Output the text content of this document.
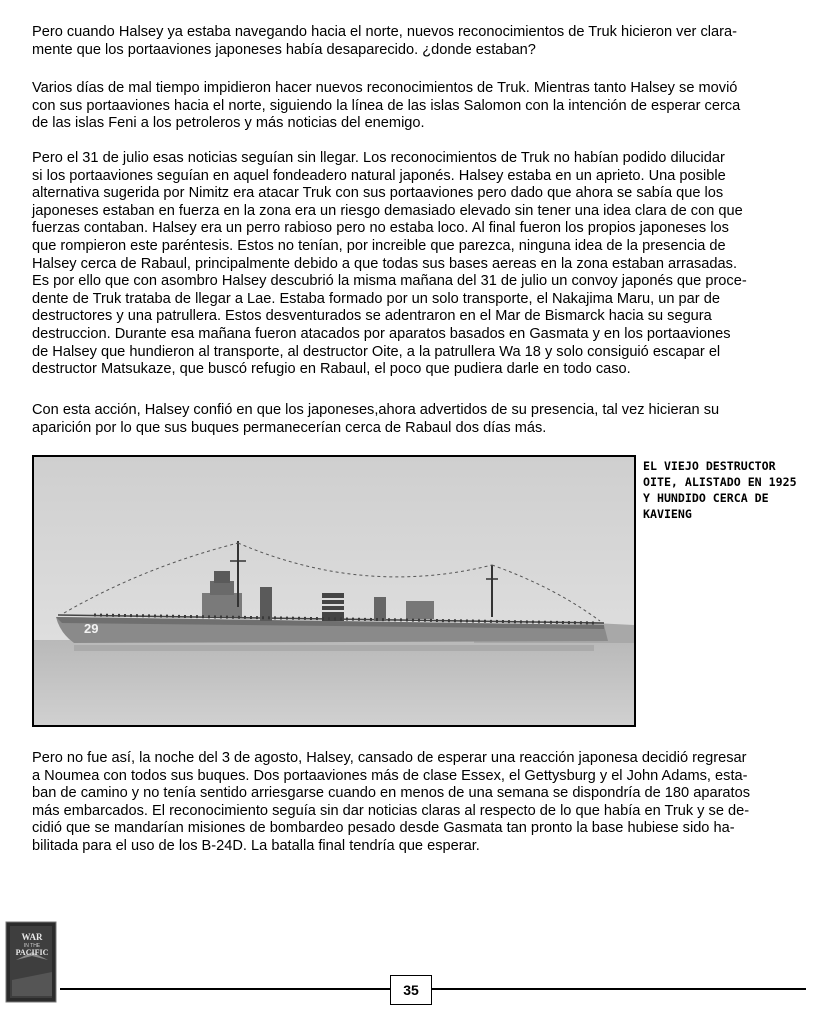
Pero cuando Halsey ya estaba navegando hacia el norte, nuevos reconocimientos de Truk hicieron ver clara-
mente que los portaaviones japoneses había desaparecido. ¿donde estaban?

Varios días de mal tiempo impidieron hacer nuevos reconocimientos de Truk. Mientras tanto Halsey se movió
con sus portaaviones hacia el norte, siguiendo la línea de las islas Salomon con la intención de esperar cerca
de las islas Feni a los petroleros y más noticias del enemigo.

Pero el 31 de julio esas noticias seguían sin llegar. Los reconocimientos de Truk no habían podido dilucidar
si los portaaviones seguían en aquel fondeadero natural japonés. Halsey estaba en un aprieto. Una posible
alternativa sugerida por Nimitz era atacar Truk con sus portaaviones pero dado que ahora se sabía que los
japoneses estaban en fuerza en la zona era un riesgo demasiado elevado sin tener una idea clara de con que
fuerzas contaban. Halsey era un perro rabioso pero no estaba loco. Al final fueron los propios japoneses los
que rompieron este paréntesis. Estos no tenían, por increible que parezca, ninguna idea de la presencia de
Halsey cerca de Rabaul, principalmente debido a que todas sus bases aereas en la zona estaban arrasadas.
Es por ello que con asombro Halsey descubrió la misma mañana del 31 de julio un convoy japonés que proce-
dente de Truk trataba de llegar a Lae. Estaba formado por un solo transporte, el Nakajima Maru, un par de
destructores y una patrullera. Estos desventurados se adentraron en el Mar de Bismarck hacia su segura
destruccion. Durante esa mañana fueron atacados por aparatos basados en Gasmata y en los portaaviones
de Halsey que hundieron al transporte, al destructor Oite, a la patrullera Wa 18 y solo consiguió escapar el
destructor Matsukaze, que buscó refugio en Rabaul, el poco que pudiera darle en todo caso.

Con esta acción, Halsey confió en que los japoneses,ahora advertidos de su presencia, tal vez hicieran su
aparición por lo que sus buques permanecerían cerca de Rabaul dos días más.

29
EL VIEJO DESTRUCTOR
OITE, ALISTADO EN 1925
Y HUNDIDO CERCA DE
KAVIENG

Pero no fue así, la noche del 3 de agosto, Halsey, cansado de esperar una reacción japonesa decidió regresar
a Noumea con todos sus buques. Dos portaaviones más de clase Essex, el Gettysburg y el John Adams, esta-
ban de camino y no tenía sentido arriesgarse cuando en menos de una semana se dispondría de 180 aparatos
más embarcados. El reconocimiento seguía sin dar noticias claras al respecto de lo que había en Truk y se de-
cidió que se mandarían misiones de bombardeo pesado desde Gasmata tan pronto la base hubiese sido ha-
bilitada para el uso de los B-24D. La batalla final tendría que esperar.

WAR
IN THE
PACIFIC
35
